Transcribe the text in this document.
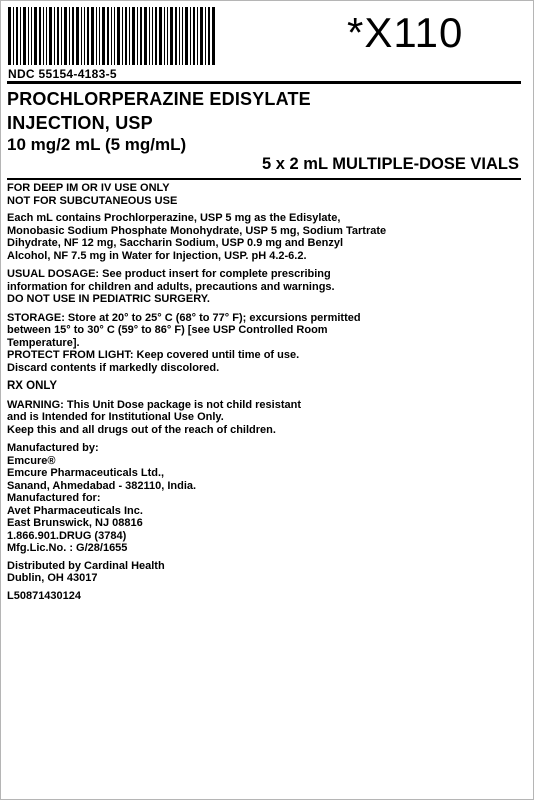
*X110
NDC 55154-4183-5
PROCHLORPERAZINE EDISYLATE
INJECTION, USP
10 mg/2 mL (5 mg/mL)
5 x 2 mL MULTIPLE-DOSE VIALS
FOR DEEP IM OR IV USE ONLY
NOT FOR SUBCUTANEOUS USE
Each mL contains Prochlorperazine, USP 5 mg as the Edisylate,
Monobasic Sodium Phosphate Monohydrate, USP 5 mg, Sodium Tartrate
Dihydrate, NF 12 mg, Saccharin Sodium, USP 0.9 mg and Benzyl
Alcohol, NF 7.5 mg in Water for Injection, USP. pH 4.2-6.2.
USUAL DOSAGE: See product insert for complete prescribing
information for children and adults, precautions and warnings.
DO NOT USE IN PEDIATRIC SURGERY.
STORAGE: Store at 20° to 25° C (68° to 77° F); excursions permitted
between 15° to 30° C (59° to 86° F) [see USP Controlled Room
Temperature].
PROTECT FROM LIGHT: Keep covered until time of use.
Discard contents if markedly discolored.
RX ONLY
WARNING: This Unit Dose package is not child resistant
and is Intended for Institutional Use Only.
Keep this and all drugs out of the reach of children.
Manufactured by:
Emcure®
Emcure Pharmaceuticals Ltd.,
Sanand, Ahmedabad - 382110, India.
Manufactured for:
Avet Pharmaceuticals Inc.
East Brunswick, NJ 08816
1.866.901.DRUG (3784)
Mfg.Lic.No. : G/28/1655
Distributed by Cardinal Health
Dublin, OH 43017
L50871430124
